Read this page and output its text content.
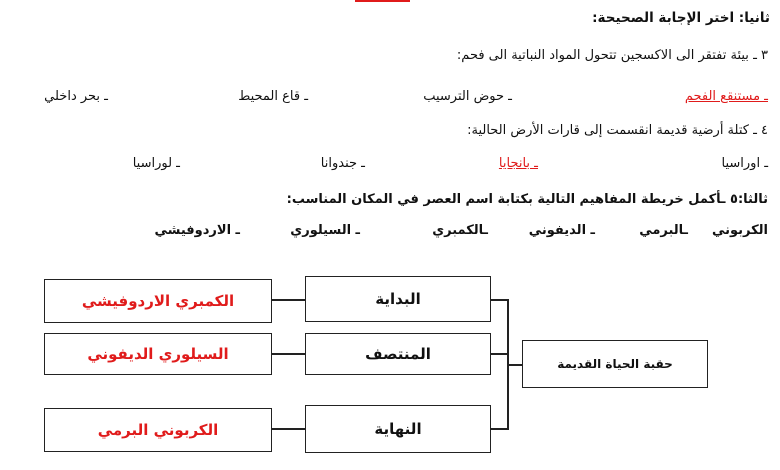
ثانيا: اختر الإجابة الصحيحة:
٣ ـ بيئة تفتقر الى الاكسجين تتحول المواد النباتية الى فحم:
ـ مستنقع الفحم
ـ حوض الترسيب
ـ قاع المحيط
ـ بحر داخلي
٤ ـ كتلة أرضية قديمة انقسمت إلى قارات الأرض الحالية:
ـ اوراسيا
ـ بانجايا
ـ جندوانا
ـ لوراسيا
ثالثا:٥ ـأكمل خريطة المفاهيم التالية بكتابة اسم العصر في المكان المناسب:
الكربوني
ـالبرمي
ـ الديفوني
ـالكمبري
ـ السيلوري
ـ الاردوفيشي
الكمبري الاردوفيشي
السيلوري الديفوني
الكربوني البرمي
البداية
المنتصف
النهاية
حقبة الحياة القديمة
